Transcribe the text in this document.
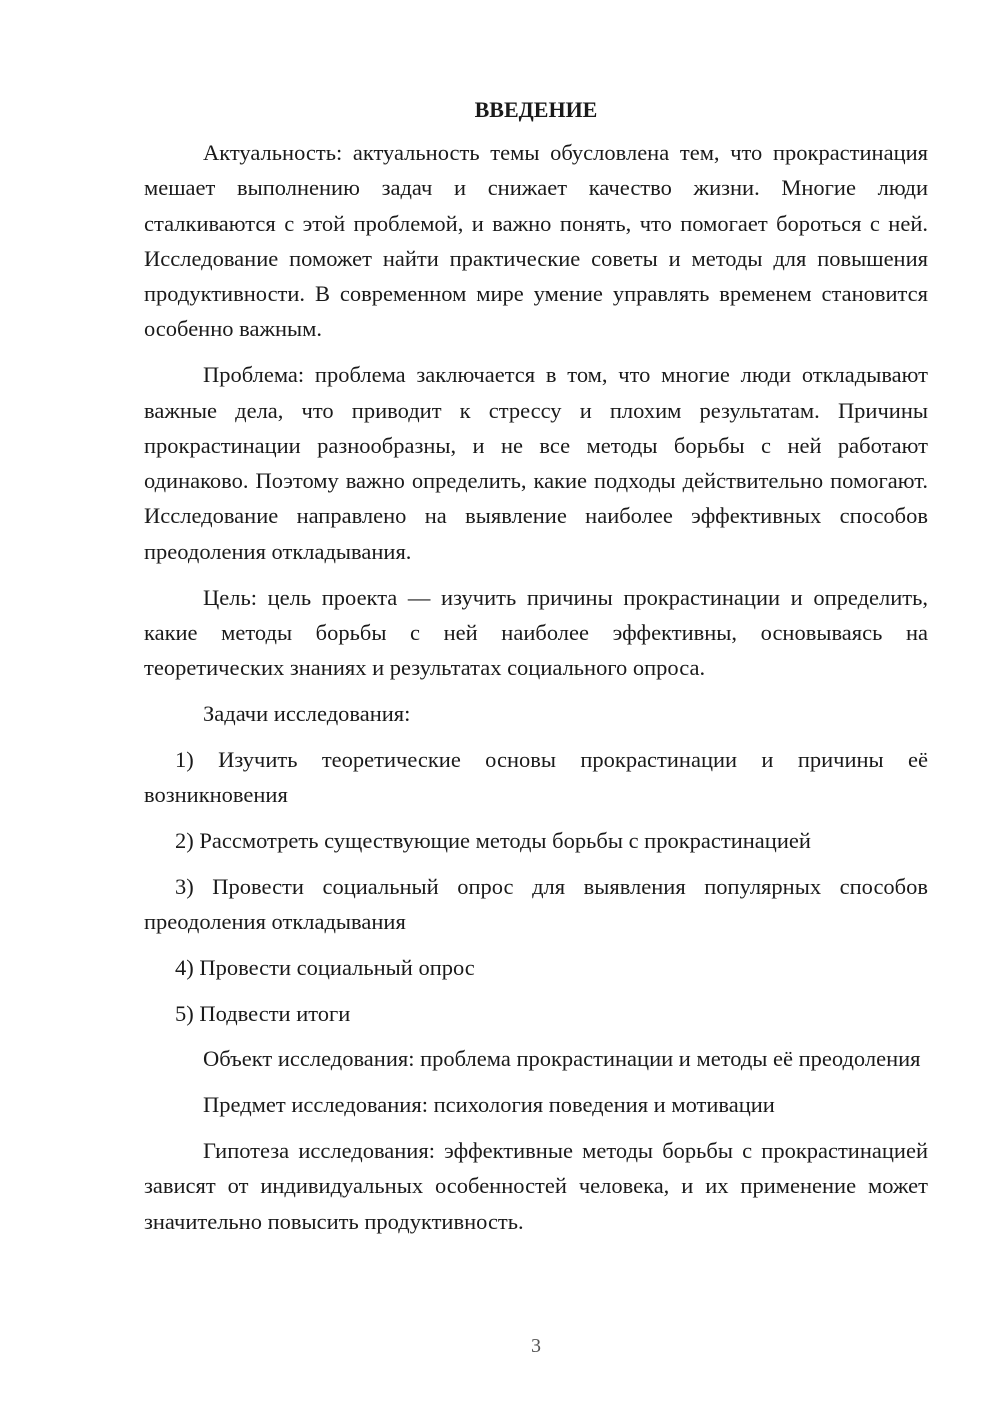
ВВЕДЕНИЕ

Актуальность: актуальность темы обусловлена тем, что прокрастинация мешает выполнению задач и снижает качество жизни. Многие люди сталкиваются с этой проблемой, и важно понять, что помогает бороться с ней. Исследование поможет найти практические советы и методы для повышения продуктивности. В современном мире умение управлять временем становится особенно важным.

Проблема: проблема заключается в том, что многие люди откладывают важные дела, что приводит к стрессу и плохим результатам. Причины прокрастинации разнообразны, и не все методы борьбы с ней работают одинаково. Поэтому важно определить, какие подходы действительно помогают. Исследование направлено на выявление наиболее эффективных способов преодоления откладывания.

Цель: цель проекта — изучить причины прокрастинации и определить, какие методы борьбы с ней наиболее эффективны, основываясь на теоретических знаниях и результатах социального опроса.

Задачи исследования:

1) Изучить теоретические основы прокрастинации и причины её возникновения

2) Рассмотреть существующие методы борьбы с прокрастинацией

3) Провести социальный опрос для выявления популярных способов преодоления откладывания

4) Провести социальный опрос

5) Подвести итоги

Объект исследования: проблема прокрастинации и методы её преодоления

Предмет исследования: психология поведения и мотивации

Гипотеза исследования: эффективные методы борьбы с прокрастинацией зависят от индивидуальных особенностей человека, и их применение может значительно повысить продуктивность.

3
